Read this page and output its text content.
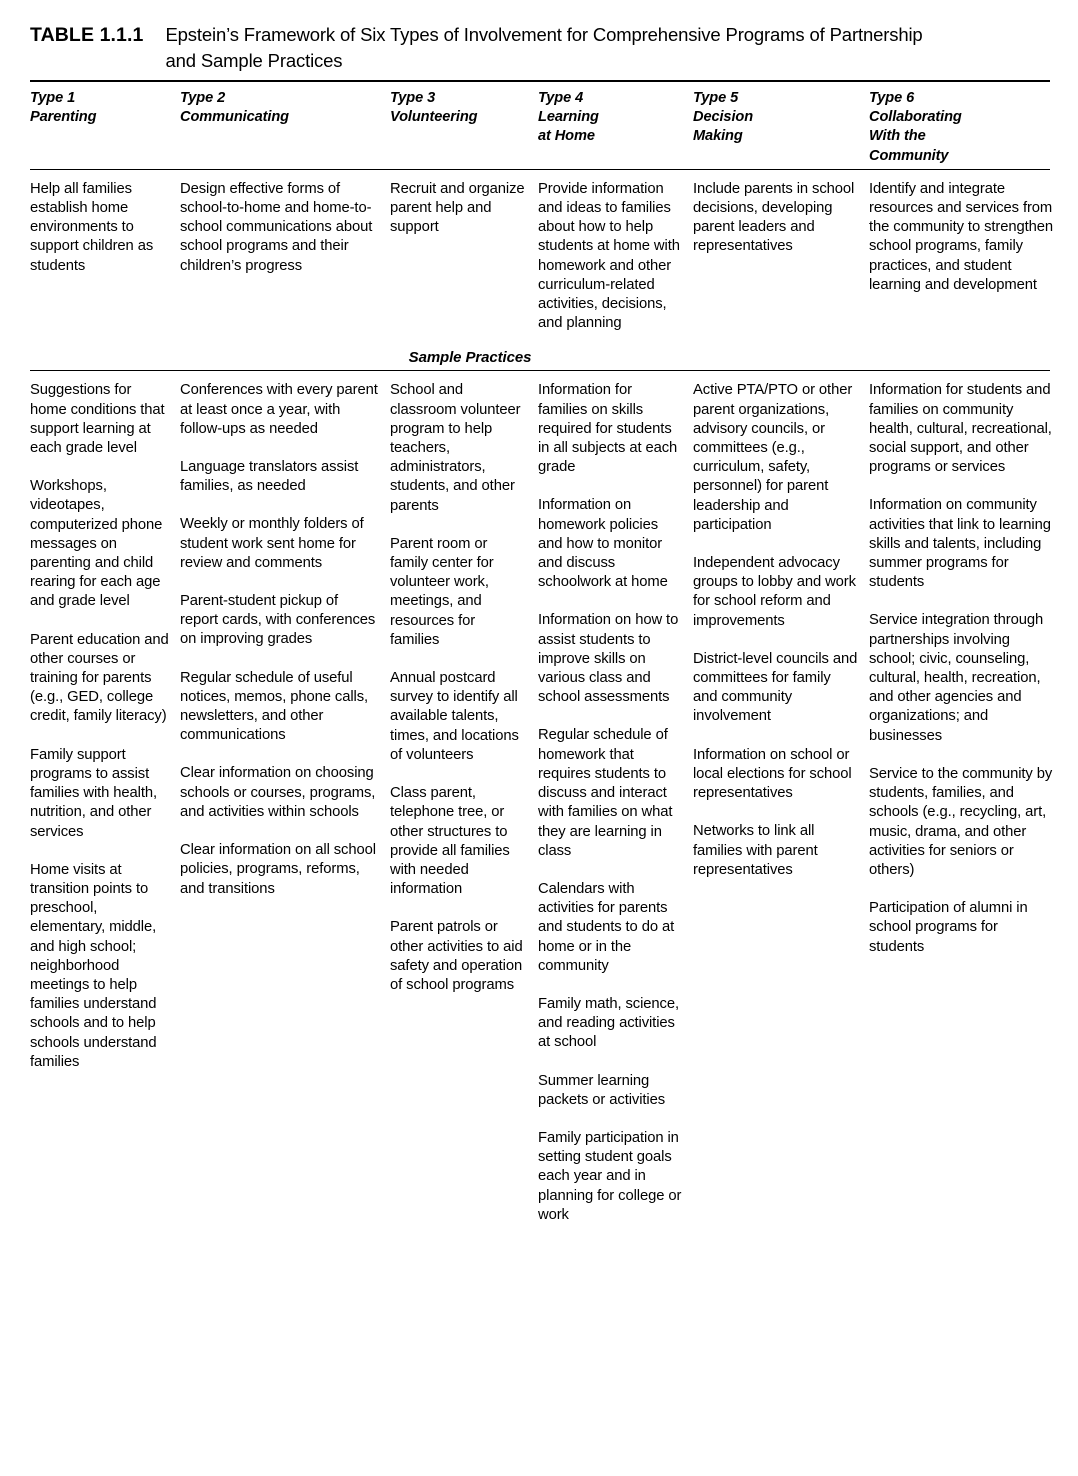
TABLE 1.1.1	Epstein’s Framework of Six Types of Involvement for Comprehensive Programs of Partnership and Sample Practices
Type 1
Parenting
Type 2
Communicating
Type 3
Volunteering
Type 4
Learning
at Home
Type 5
Decision
Making
Type 6
Collaborating
With the
Community
Help all families establish home environments to support children as students
Design effective forms of school-to-home and home-to-school communications about school programs and their children’s progress
Recruit and organize parent help and support
Provide information and ideas to families about how to help students at home with homework and other curriculum-related activities, decisions, and planning
Include parents in school decisions, developing parent leaders and representatives
Identify and integrate resources and services from the community to strengthen school programs, family practices, and student learning and development
Sample Practices

Suggestions for home conditions that support learning at each grade level

Workshops, videotapes, computerized phone messages on parenting and child rearing for each age and grade level

Parent education and other courses or training for parents (e.g., GED, college credit, family literacy)

Family support programs to assist families with health, nutrition, and other services

Home visits at transition points to preschool, elementary, middle, and high school; neighborhood meetings to help families understand schools and to help schools understand families

Conferences with every parent at least once a year, with follow-ups as needed

Language translators assist families, as needed

Weekly or monthly folders of student work sent home for review and comments

Parent-student pickup of report cards, with conferences on improving grades

Regular schedule of useful notices, memos, phone calls, newsletters, and other communications

Clear information on choosing schools or courses, programs, and activities within schools

Clear information on all school policies, programs, reforms, and transitions

School and classroom volunteer program to help teachers, administrators, students, and other parents

Parent room or family center for volunteer work, meetings, and resources for families

Annual postcard survey to identify all available talents, times, and locations of volunteers

Class parent, telephone tree, or other structures to provide all families with needed information

Parent patrols or other activities to aid safety and operation of school programs

Information for families on skills required for students in all subjects at each grade

Information on homework policies and how to monitor and discuss schoolwork at home

Information on how to assist students to improve skills on various class and school assessments

Regular schedule of homework that requires students to discuss and interact with families on what they are learning in class

Calendars with activities for parents and students to do at home or in the community

Family math, science, and reading activities at school

Summer learning packets or activities

Family participation in setting student goals each year and in planning for college or work

Active PTA/PTO or other parent organizations, advisory councils, or committees (e.g., curriculum, safety, personnel) for parent leadership and participation

Independent advocacy groups to lobby and work for school reform and improvements

District-level councils and committees for family and community involvement

Information on school or local elections for school representatives

Networks to link all families with parent representatives

Information for students and families on community health, cultural, recreational, social support, and other programs or services

Information on community activities that link to learning skills and talents, including summer programs for students

Service integration through partnerships involving school; civic, counseling, cultural, health, recreation, and other agencies and organizations; and businesses

Service to the community by students, families, and schools (e.g., recycling, art, music, drama, and other activities for seniors or others)

Participation of alumni in school programs for students
